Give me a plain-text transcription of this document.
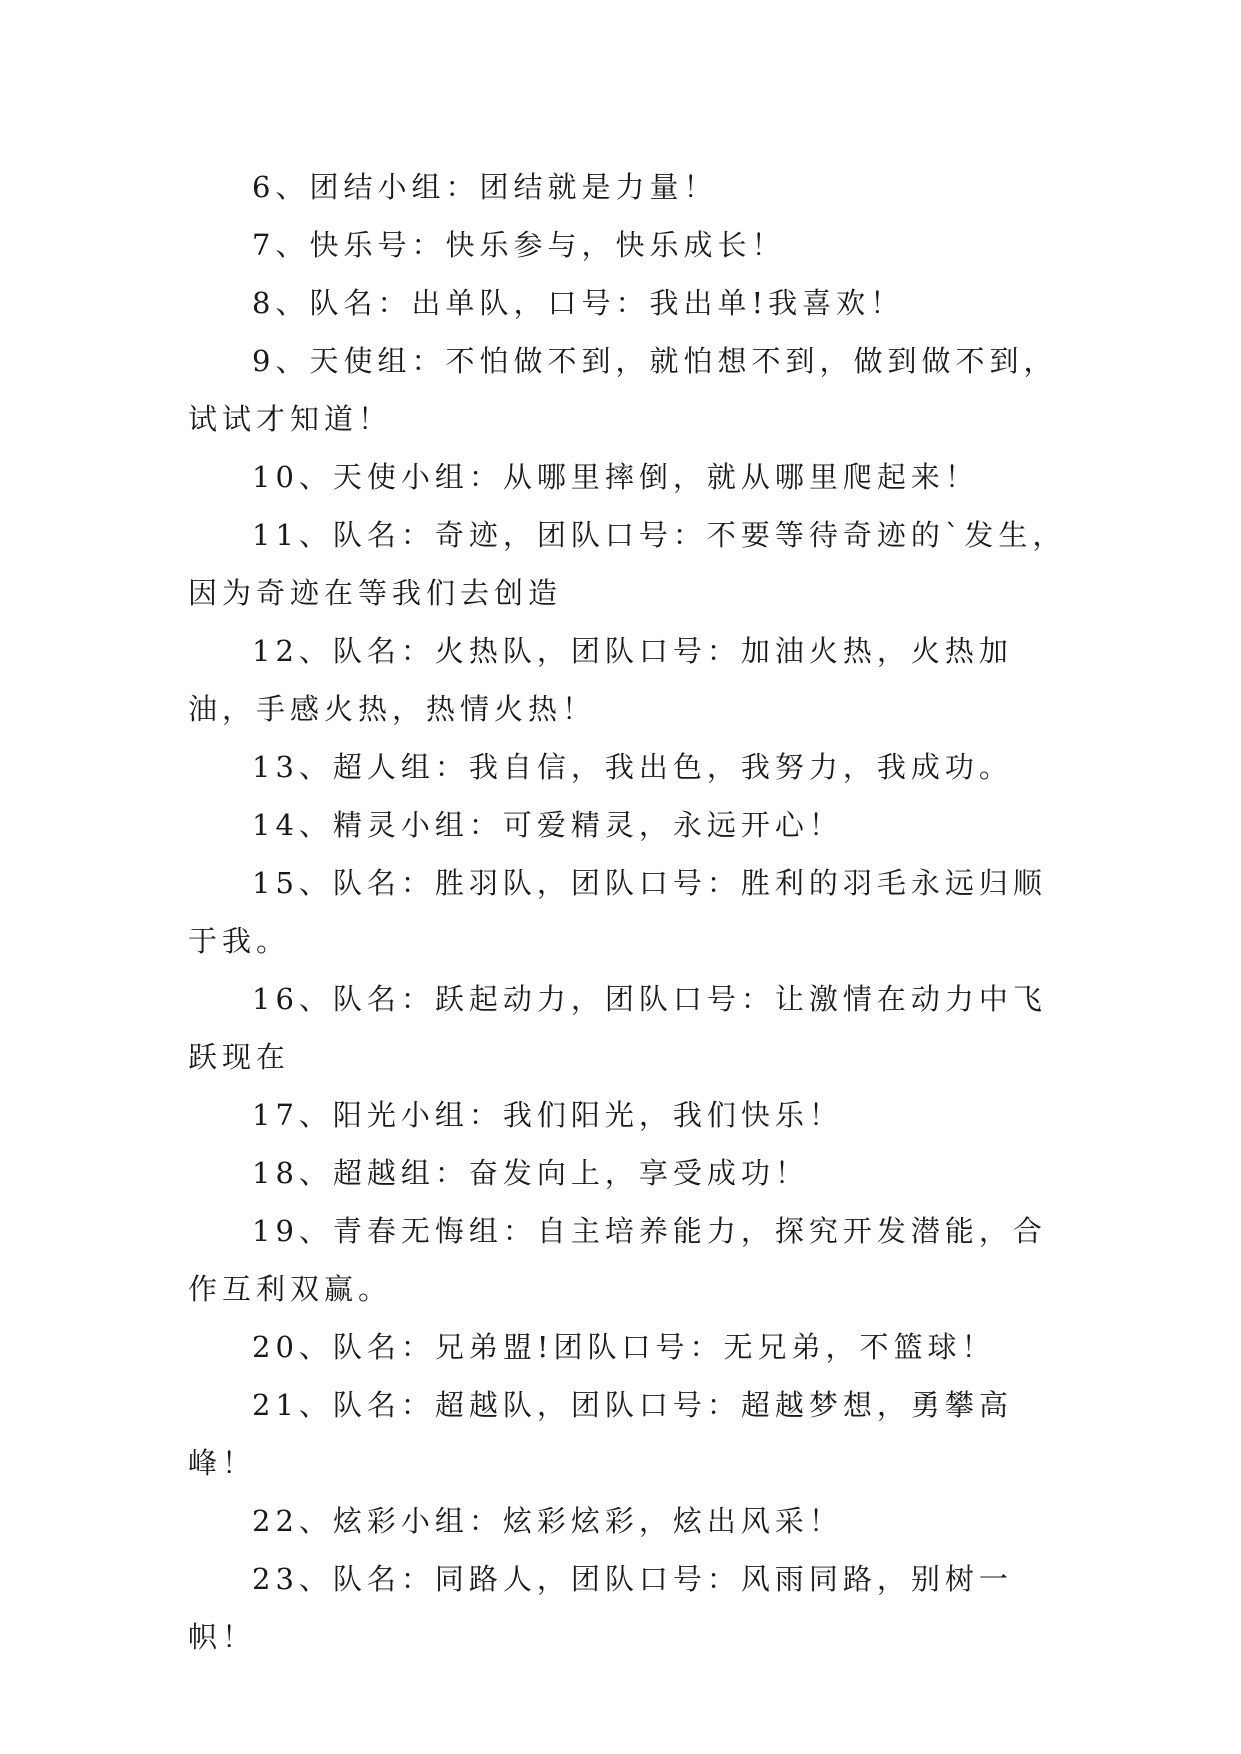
6、团结小组：团结就是力量！

7、快乐号：快乐参与，快乐成长！

8、队名：出单队，口号：我出单!我喜欢！

9、天使组：不怕做不到，就怕想不到，做到做不到，试试才知道！

10、天使小组：从哪里摔倒，就从哪里爬起来！

11、队名：奇迹，团队口号：不要等待奇迹的`发生，因为奇迹在等我们去创造

12、队名：火热队，团队口号：加油火热，火热加油，手感火热，热情火热！

13、超人组：我自信，我出色，我努力，我成功。

14、精灵小组：可爱精灵，永远开心！

15、队名：胜羽队，团队口号：胜利的羽毛永远归顺于我。

16、队名：跃起动力，团队口号：让激情在动力中飞跃现在

17、阳光小组：我们阳光，我们快乐！

18、超越组：奋发向上，享受成功！

19、青春无悔组：自主培养能力，探究开发潜能，合作互利双赢。

20、队名：兄弟盟!团队口号：无兄弟，不篮球！

21、队名：超越队，团队口号：超越梦想，勇攀高峰！

22、炫彩小组：炫彩炫彩，炫出风采！

23、队名：同路人，团队口号：风雨同路，别树一帜！
